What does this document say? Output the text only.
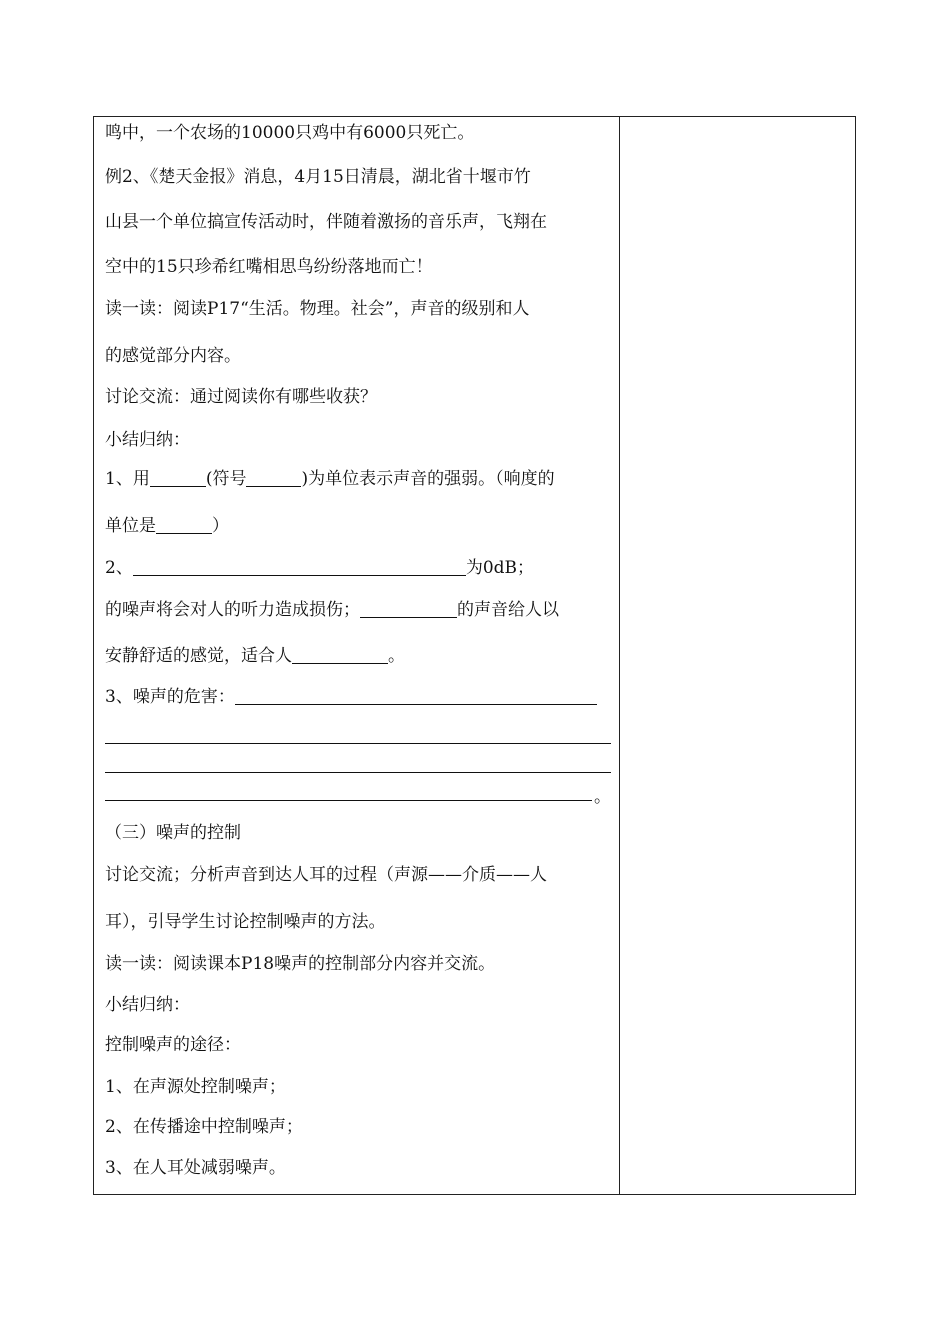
鸣中，一个农场的10000只鸡中有6000只死亡。
例2、《楚天金报》消息，4月15日清晨，湖北省十堰市竹
山县一个单位搞宣传活动时，伴随着激扬的音乐声，飞翔在
空中的15只珍希红嘴相思鸟纷纷落地而亡！
读一读：阅读P17“生活。物理。社会”，声音的级别和人
的感觉部分内容。
讨论交流：通过阅读你有哪些收获？
小结归纳：
1、用	(符号	)为单位表示声音的强弱。（响度的
单位是	）
2、	为0dB；
的噪声将会对人的听力造成损伤；	的声音给人以
安静舒适的感觉，适合人	。
3、噪声的危害：
。
（三）噪声的控制
讨论交流；分析声音到达人耳的过程（声源——介质——人
耳），引导学生讨论控制噪声的方法。
读一读：阅读课本P18噪声的控制部分内容并交流。
小结归纳：
控制噪声的途径：
1、在声源处控制噪声；
2、在传播途中控制噪声；
3、在人耳处减弱噪声。
